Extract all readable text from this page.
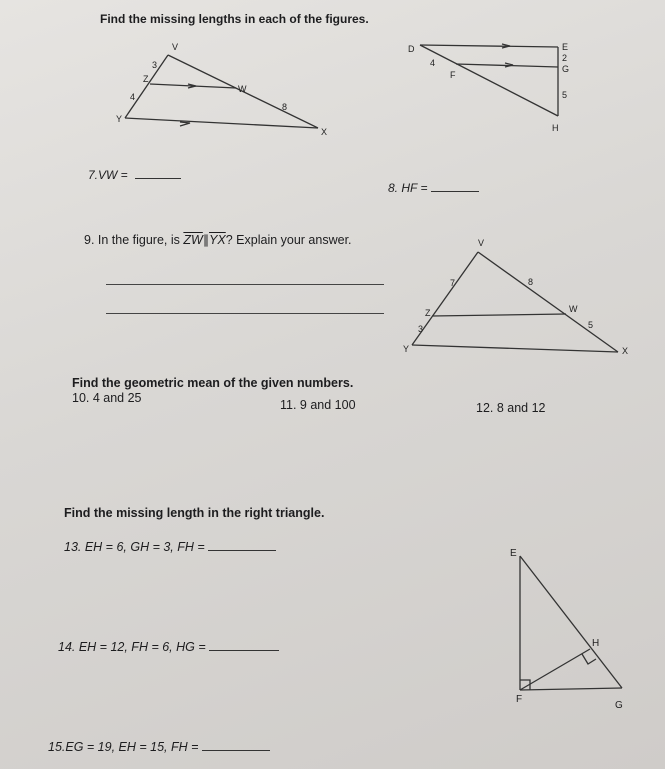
Find the missing lengths in each of the figures.
V
3
Z
4
Y
W
8
X
D
4
F
E
2
G
5
H
7.VW =
8. HF =
9. In the figure, is $\overline{ZW}\parallel\overline{YX}$? Explain your answer.	V
7	8
Z
3
Y
W
5
X
Find the geometric mean of the given numbers.
10. 4 and 25	11. 9 and 100	12. 8 and 12
Find the missing length in the right triangle.
13. EH = 6, GH = 3, FH =
14. EH = 12, FH = 6, HG =
15.EG = 19, EH = 15, FH =
E
H
F
G
